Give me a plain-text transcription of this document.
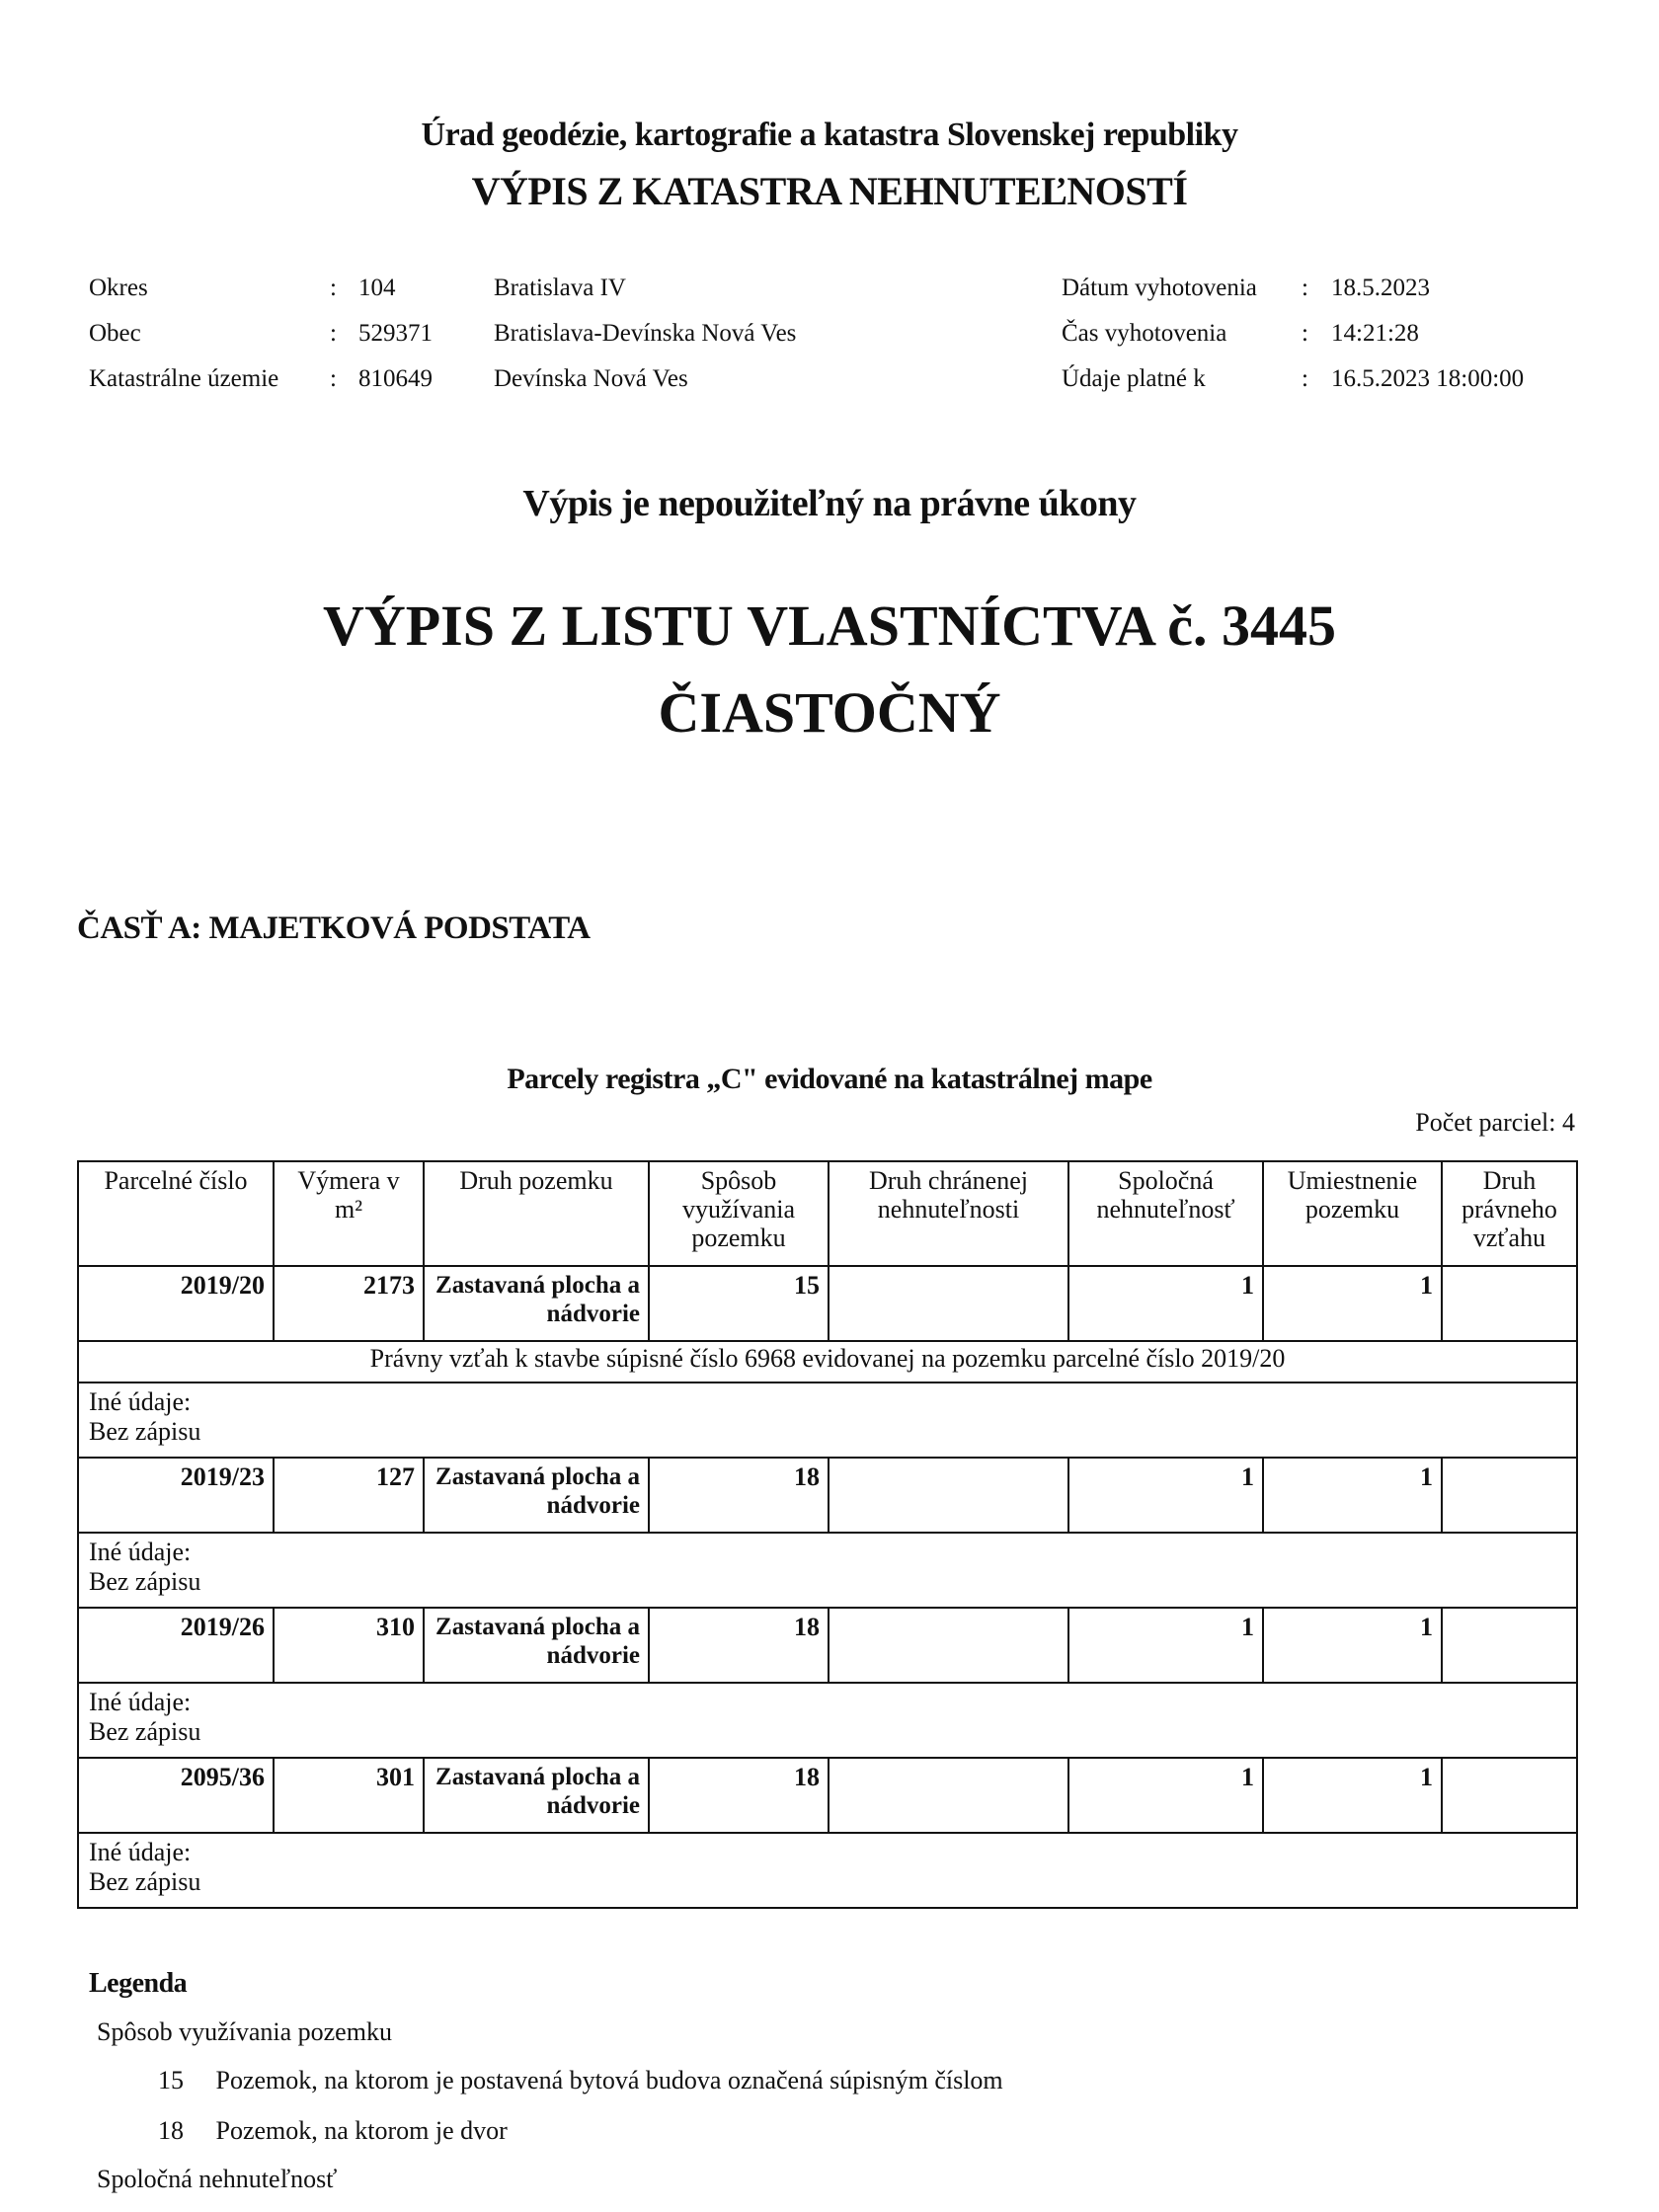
Úrad geodézie, kartografie a katastra Slovenskej republiky
VÝPIS Z KATASTRA NEHNUTEĽNOSTÍ
Okres	: 104	Bratislava IV	Dátum vyhotovenia : 18.5.2023
Obec	: 529371 Bratislava-Devínska Nová Ves	Čas vyhotovenia	: 14:21:28
Katastrálne územie : 810649 Devínska Nová Ves	Údaje platné k	: 16.5.2023 18:00:00
Výpis je nepoužiteľný na právne úkony
VÝPIS Z LISTU VLASTNÍCTVA č. 3445
ČIASTOČNÝ
ČASŤ A: MAJETKOVÁ PODSTATA
Parcely registra „C" evidované na katastrálnej mape
Počet parciel: 4
Parcelné číslo	Výmera v m²	Druh pozemku	Spôsob využívania pozemku	Druh chránenej nehnuteľnosti	Spoločná nehnuteľnosť	Umiestnenie pozemku	Druh právneho vzťahu
2019/20	2173	Zastavaná plocha a nádvorie	15		1	1	
Právny vzťah k stavbe súpisné číslo 6968 evidovanej na pozemku parcelné číslo 2019/20							

Iné údaje:
Bez zápisu							

2019/23	127	Zastavaná plocha a nádvorie	18		1	1	

Iné údaje:
Bez zápisu							

2019/26	310	Zastavaná plocha a nádvorie	18		1	1	

Iné údaje:
Bez zápisu							

2095/36	301	Zastavaná plocha a nádvorie	18		1	1	

Iné údaje:
Bez zápisu							
Legenda
Spôsob využívania pozemku
15 Pozemok, na ktorom je postavená bytová budova označená súpisným číslom
18 Pozemok, na ktorom je dvor
Spoločná nehnuteľnosť
